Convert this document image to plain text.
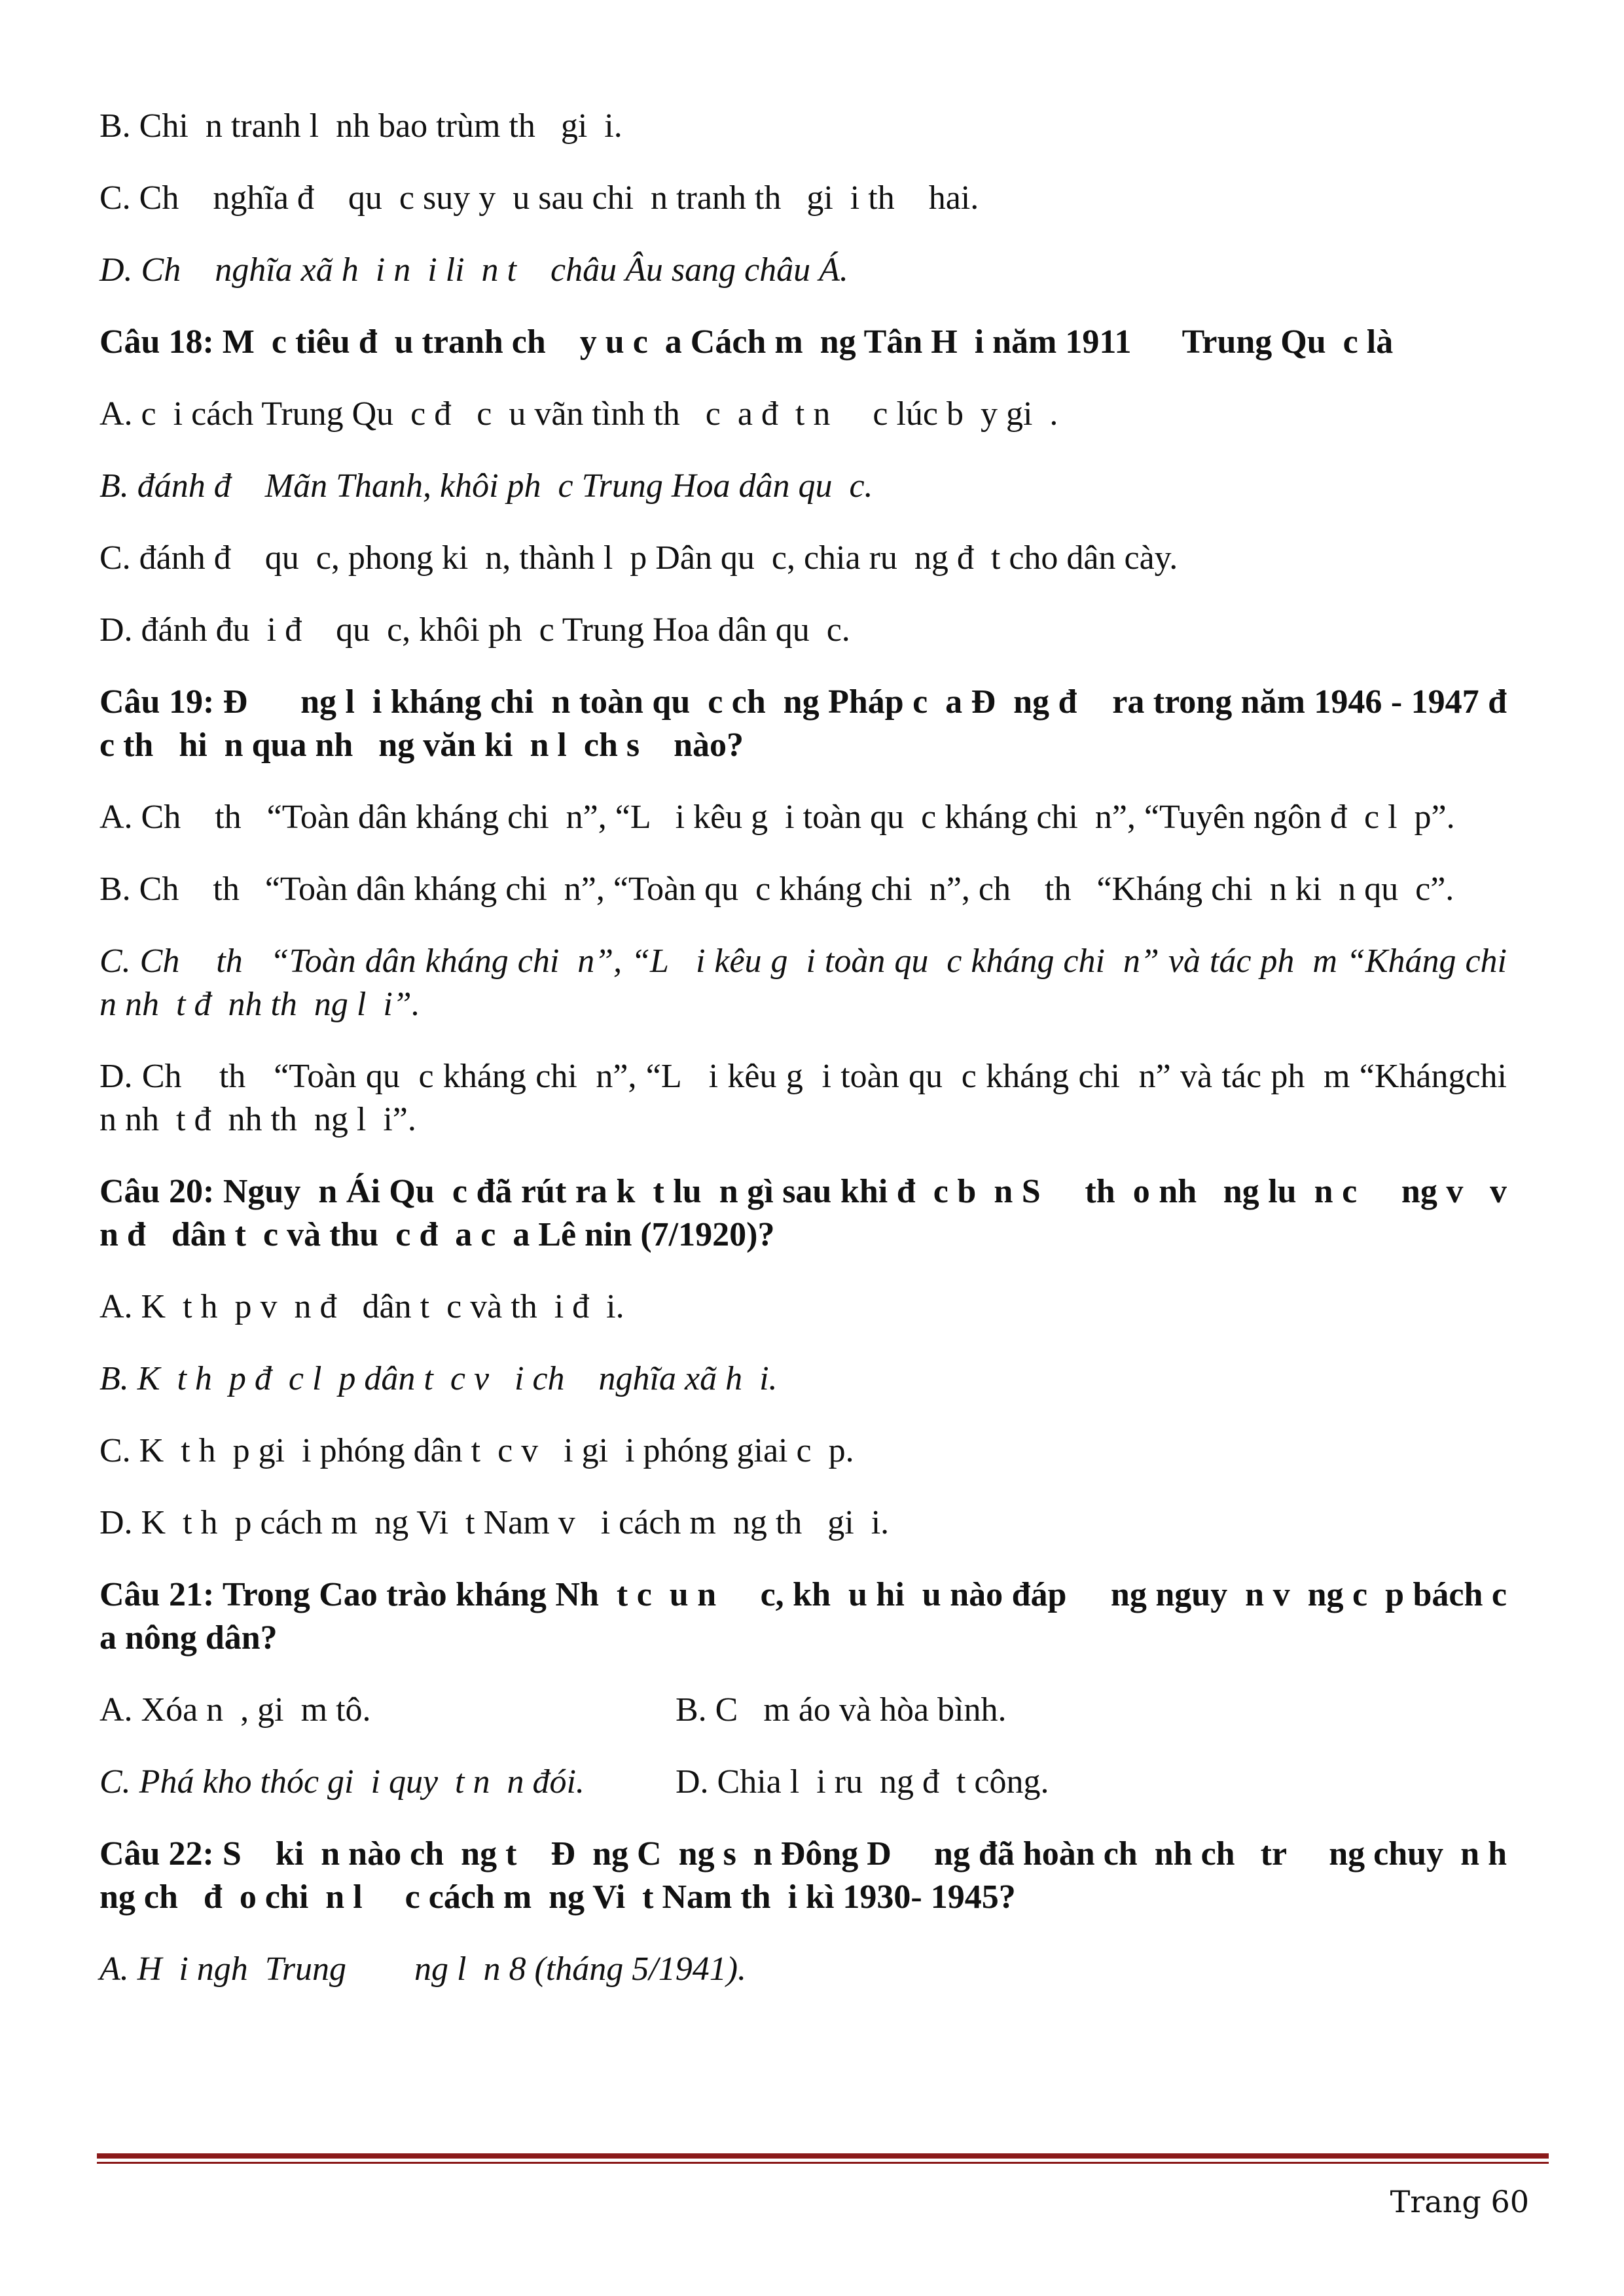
B. Chi  n tranh l  nh bao trùm th   gi  i.

C. Ch    nghĩa đ    qu  c suy y  u sau chi  n tranh th   gi  i th    hai.

D. Ch    nghĩa xã h  i n  i li  n t    châu Âu sang châu Á.

Câu 18: M  c tiêu đ  u tranh ch    y u c  a Cách m  ng Tân H  i năm 1911      Trung Qu  c là

A. c  i cách Trung Qu  c đ   c  u vãn tình th   c  a đ  t n     c lúc b  y gi  .

B. đánh đ    Mãn Thanh, khôi ph  c Trung Hoa dân qu  c.

C. đánh đ    qu  c, phong ki  n, thành l  p Dân qu  c, chia ru  ng đ  t cho dân cày.

D. đánh đu  i đ    qu  c, khôi ph  c Trung Hoa dân qu  c.

Câu 19: Đ      ng l  i kháng chi  n toàn qu  c ch  ng Pháp c  a Đ  ng đ    ra trong năm 1946 - 1947 đ     c th   hi  n qua nh   ng văn ki  n l  ch s    nào?

A. Ch    th   “Toàn dân kháng chi  n”, “L   i kêu g  i toàn qu  c kháng chi  n”, “Tuyên ngôn đ  c l  p”.

B. Ch    th   “Toàn dân kháng chi  n”, “Toàn qu  c kháng chi  n”, ch    th   “Kháng chi  n ki  n qu  c”.

C. Ch    th   “Toàn dân kháng chi  n”, “L   i kêu g  i toàn qu  c kháng chi  n” và tác ph  m “Kháng chi  n nh  t đ  nh th  ng l  i”.

D. Ch    th   “Toàn qu  c kháng chi  n”, “L   i kêu g  i toàn qu  c kháng chi  n” và tác ph  m “Khángchi  n nh  t đ  nh th  ng l  i”.

Câu 20: Nguy  n Ái Qu  c đã rút ra k  t lu  n gì sau khi đ  c b  n S     th  o nh   ng lu  n c     ng v   v  n đ   dân t  c và thu  c đ  a c  a Lê nin (7/1920)?

A. K  t h  p v  n đ   dân t  c và th  i đ  i.

B. K  t h  p đ  c l  p dân t  c v   i ch    nghĩa xã h  i.

C. K  t h  p gi  i phóng dân t  c v   i gi  i phóng giai c  p.

D. K  t h  p cách m  ng Vi  t Nam v   i cách m  ng th   gi  i.

Câu 21: Trong Cao trào kháng Nh  t c  u n     c, kh  u hi  u nào đáp     ng nguy  n v  ng c  p bách c  a nông dân?

A. Xóa n  , gi  m tô.	B. C   m áo và hòa bình.
C. Phá kho thóc gi  i quy  t n  n đói.	D. Chia l  i ru  ng đ  t công.

Câu 22: S    ki  n nào ch  ng t    Đ  ng C  ng s  n Đông D     ng đã hoàn ch  nh ch   tr     ng chuy  n h     ng ch   đ  o chi  n l     c cách m  ng Vi  t Nam th  i kì 1930- 1945?

A. H  i ngh  Trung        ng l  n 8 (tháng 5/1941).

Trang 60
